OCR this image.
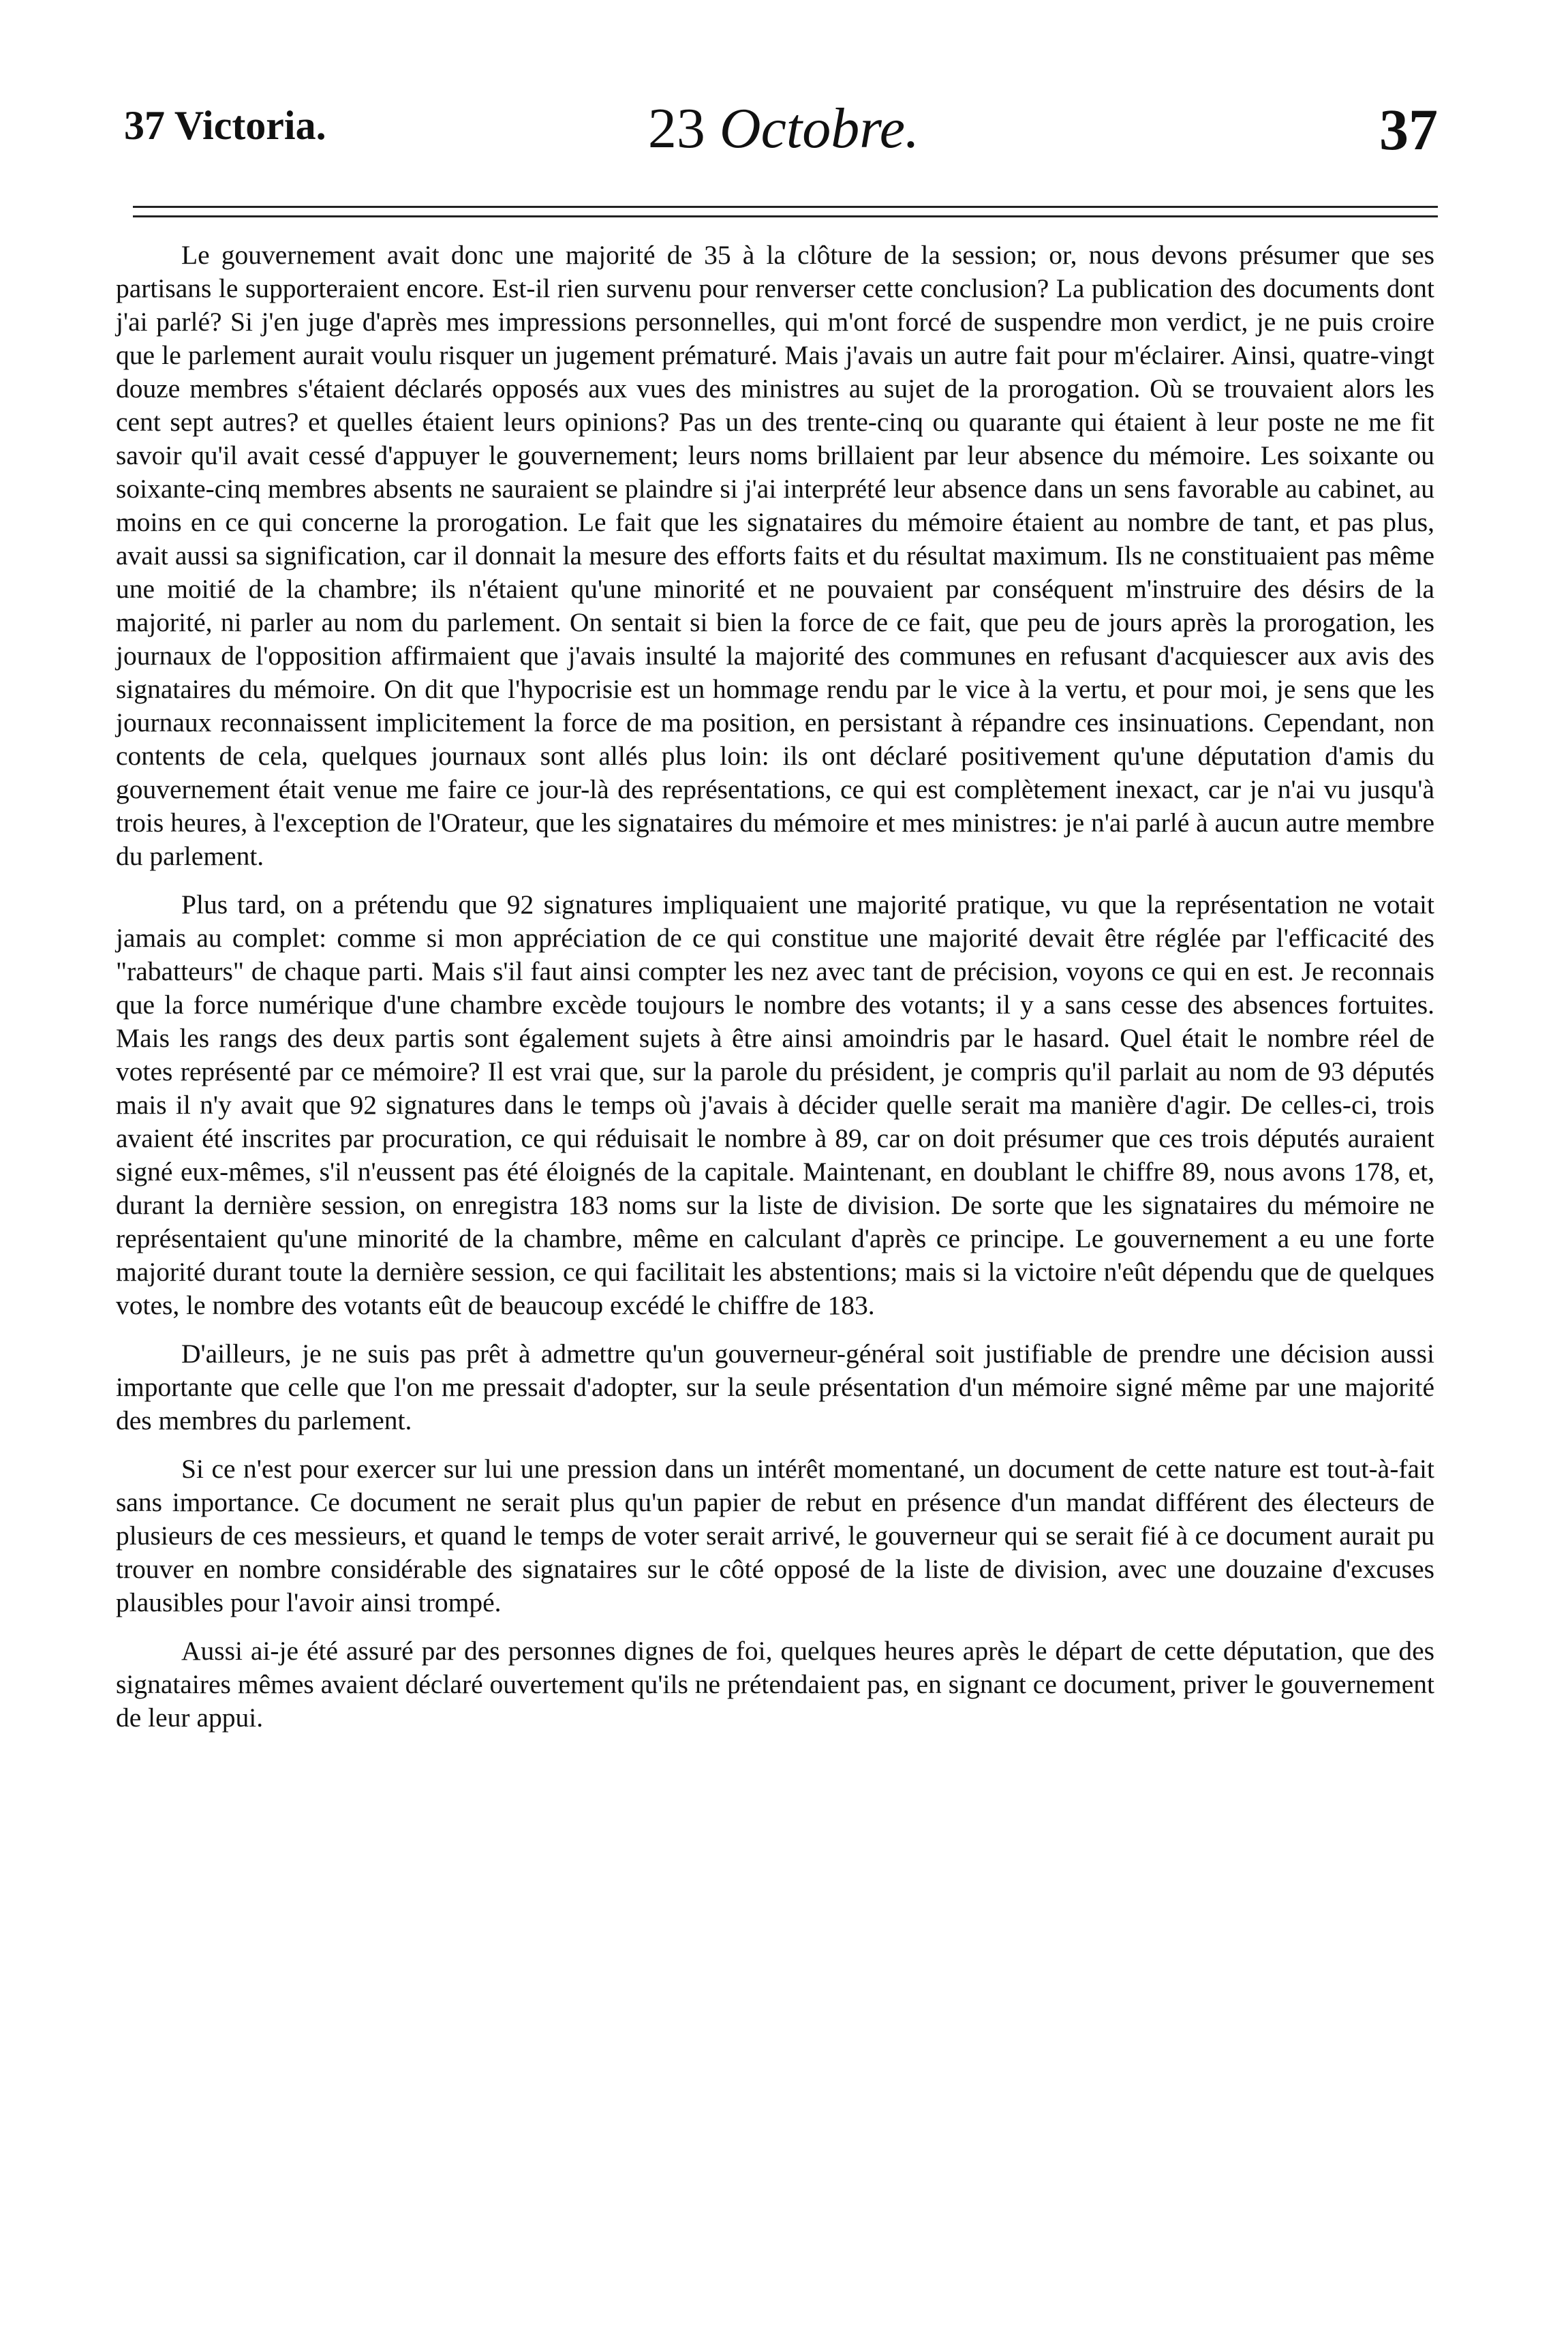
37 Victoria.	23 Octobre.	37

Le gouvernement avait donc une majorité de 35 à la clôture de la session; or, nous devons présumer que ses partisans le supporteraient encore. Est-il rien survenu pour renverser cette conclusion? La publication des documents dont j'ai parlé? Si j'en juge d'après mes impressions personnelles, qui m'ont forcé de suspendre mon verdict, je ne puis croire que le parlement aurait voulu risquer un jugement prématuré. Mais j'avais un autre fait pour m'éclairer. Ainsi, quatre-vingt douze membres s'étaient déclarés opposés aux vues des ministres au sujet de la prorogation. Où se trouvaient alors les cent sept autres? et quelles étaient leurs opinions? Pas un des trente-cinq ou quarante qui étaient à leur poste ne me fit savoir qu'il avait cessé d'appuyer le gouvernement; leurs noms brillaient par leur absence du mémoire. Les soixante ou soixante-cinq membres absents ne sauraient se plaindre si j'ai interprété leur absence dans un sens favorable au cabinet, au moins en ce qui concerne la prorogation. Le fait que les signataires du mémoire étaient au nombre de tant, et pas plus, avait aussi sa signification, car il donnait la mesure des efforts faits et du résultat maximum. Ils ne constituaient pas même une moitié de la chambre; ils n'étaient qu'une minorité et ne pouvaient par conséquent m'instruire des désirs de la majorité, ni parler au nom du parlement. On sentait si bien la force de ce fait, que peu de jours après la prorogation, les journaux de l'opposition affirmaient que j'avais insulté la majorité des communes en refusant d'acquiescer aux avis des signataires du mémoire. On dit que l'hypocrisie est un hommage rendu par le vice à la vertu, et pour moi, je sens que les journaux reconnaissent implicitement la force de ma position, en persistant à répandre ces insinuations. Cependant, non contents de cela, quelques journaux sont allés plus loin: ils ont déclaré positivement qu'une députation d'amis du gouvernement était venue me faire ce jour-là des représentations, ce qui est complètement inexact, car je n'ai vu jusqu'à trois heures, à l'exception de l'Orateur, que les signataires du mémoire et mes ministres: je n'ai parlé à aucun autre membre du parlement.

Plus tard, on a prétendu que 92 signatures impliquaient une majorité pratique, vu que la représentation ne votait jamais au complet: comme si mon appréciation de ce qui constitue une majorité devait être réglée par l'efficacité des "rabatteurs" de chaque parti. Mais s'il faut ainsi compter les nez avec tant de précision, voyons ce qui en est. Je reconnais que la force numérique d'une chambre excède toujours le nombre des votants; il y a sans cesse des absences fortuites. Mais les rangs des deux partis sont également sujets à être ainsi amoindris par le hasard. Quel était le nombre réel de votes représenté par ce mémoire? Il est vrai que, sur la parole du président, je compris qu'il parlait au nom de 93 députés mais il n'y avait que 92 signatures dans le temps où j'avais à décider quelle serait ma manière d'agir. De celles-ci, trois avaient été inscrites par procuration, ce qui réduisait le nombre à 89, car on doit présumer que ces trois députés auraient signé eux-mêmes, s'il n'eussent pas été éloignés de la capitale. Maintenant, en doublant le chiffre 89, nous avons 178, et, durant la dernière session, on enregistra 183 noms sur la liste de division. De sorte que les signataires du mémoire ne représentaient qu'une minorité de la chambre, même en calculant d'après ce principe. Le gouvernement a eu une forte majorité durant toute la dernière session, ce qui facilitait les abstentions; mais si la victoire n'eût dépendu que de quelques votes, le nombre des votants eût de beaucoup excédé le chiffre de 183.

D'ailleurs, je ne suis pas prêt à admettre qu'un gouverneur-général soit justifiable de prendre une décision aussi importante que celle que l'on me pressait d'adopter, sur la seule présentation d'un mémoire signé même par une majorité des membres du parlement.

Si ce n'est pour exercer sur lui une pression dans un intérêt momentané, un document de cette nature est tout-à-fait sans importance. Ce document ne serait plus qu'un papier de rebut en présence d'un mandat différent des électeurs de plusieurs de ces messieurs, et quand le temps de voter serait arrivé, le gouverneur qui se serait fié à ce document aurait pu trouver en nombre considérable des signataires sur le côté opposé de la liste de division, avec une douzaine d'excuses plausibles pour l'avoir ainsi trompé.

Aussi ai-je été assuré par des personnes dignes de foi, quelques heures après le départ de cette députation, que des signataires mêmes avaient déclaré ouvertement qu'ils ne prétendaient pas, en signant ce document, priver le gouvernement de leur appui.
